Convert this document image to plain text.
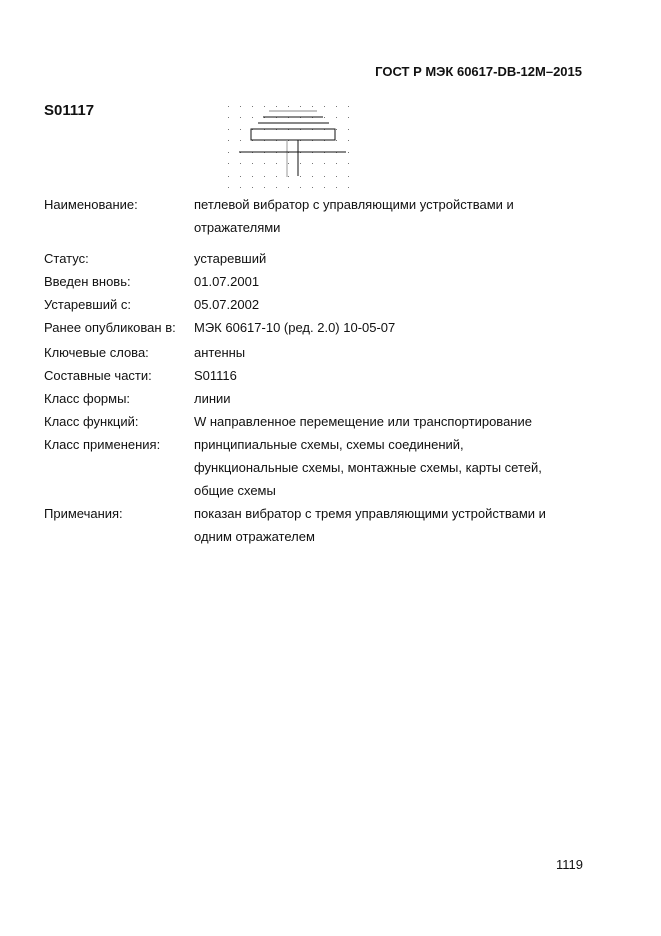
ГОСТ Р МЭК 60617-DB-12M–2015
S01117
Наименование:	петлевой вибратор с управляющими устройствами и отражателями
Статус:	устаревший
Введен вновь:	01.07.2001
Устаревший с:	05.07.2002
Ранее опубликован в:	МЭК 60617-10 (ред. 2.0) 10-05-07
Ключевые слова:	антенны
Составные части:	S01116
Класс формы:	линии
Класс функций:	W направленное перемещение или транспортирование
Класс применения:	принципиальные схемы, схемы соединений, функциональные схемы, монтажные схемы, карты сетей, общие схемы
Примечания:	показан вибратор с тремя управляющими устройствами и одним отражателем
1119
